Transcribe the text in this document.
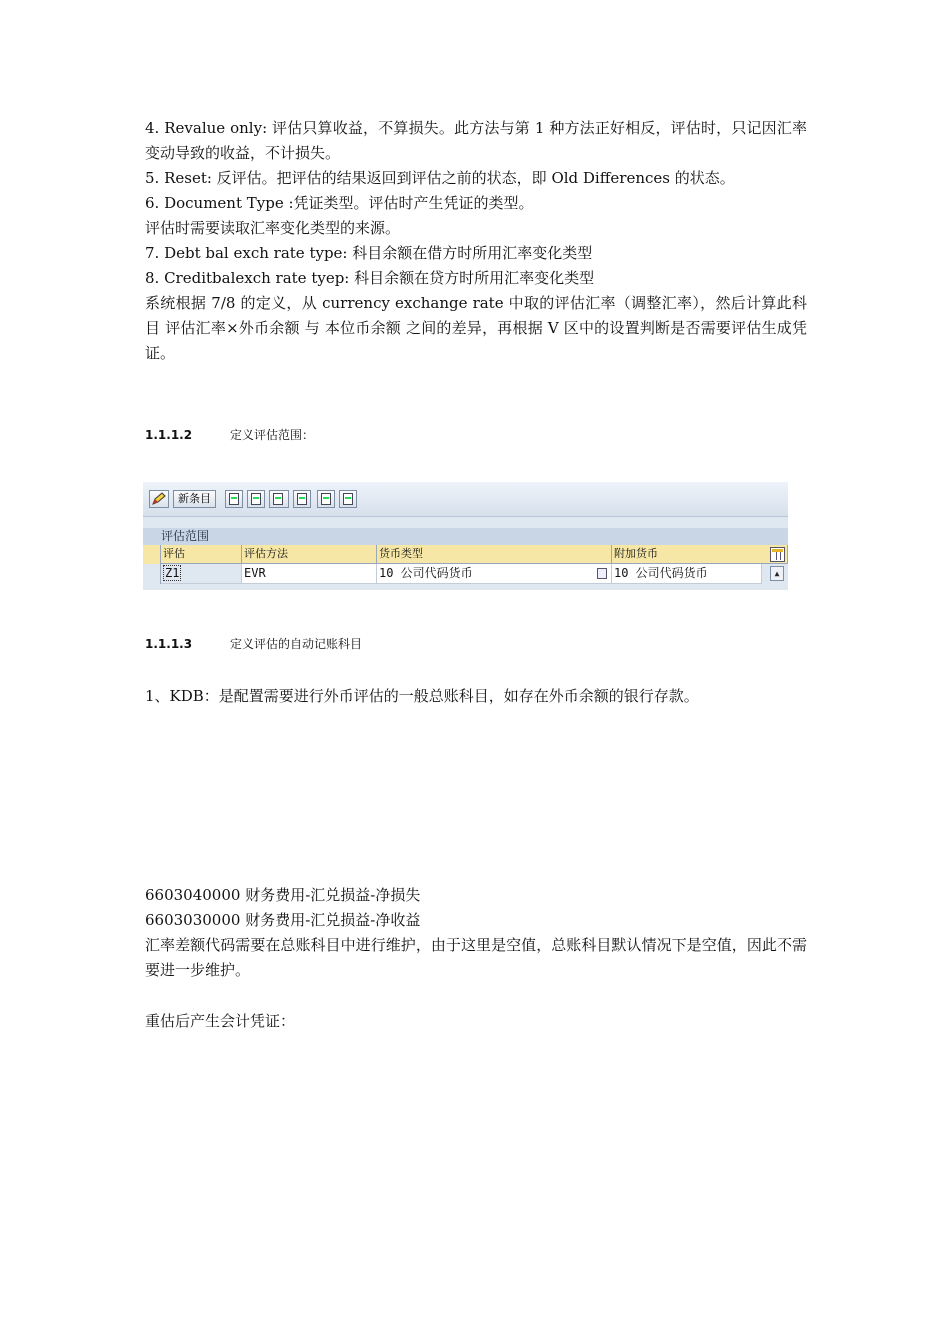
4. Revalue only: 评估只算收益，不算损失。此方法与第 1 种方法正好相反，评估时，只记因汇率变动导致的收益，不计损失。

5. Reset: 反评估。把评估的结果返回到评估之前的状态，即 Old Differences 的状态。

6. Document Type :凭证类型。评估时产生凭证的类型。

评估时需要读取汇率变化类型的来源。

7. Debt bal exch rate type: 科目余额在借方时所用汇率变化类型

8. Creditbalexch rate tyep: 科目余额在贷方时所用汇率变化类型

系统根据 7/8 的定义，从 currency exchange rate 中取的评估汇率（调整汇率），然后计算此科目 评估汇率×外币余额 与 本位币余额 之间的差异，再根据 V 区中的设置判断是否需要评估生成凭证。

1.1.1.2	定义评估范围：
新条目
评估范围
评估	评估方法	货币类型	附加货币
Z1	EVR	10 公司代码货币	10 公司代码货币	▲
1.1.1.3	定义评估的自动记账科目

1、KDB：是配置需要进行外币评估的一般总账科目，如存在外币余额的银行存款。

6603040000 财务费用-汇兑损益-净损失

6603030000 财务费用-汇兑损益-净收益

汇率差额代码需要在总账科目中进行维护，由于这里是空值，总账科目默认情况下是空值，因此不需要进一步维护。

重估后产生会计凭证：
